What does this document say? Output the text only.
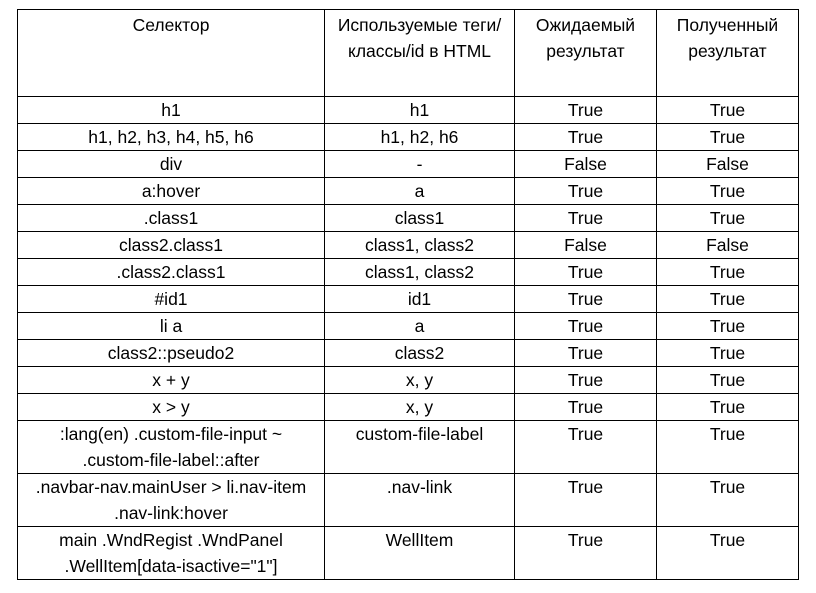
Селектор	Используемые теги/классы/id в HTML	Ожидаемый результат	Полученный результат
h1	h1	True	True
h1, h2, h3, h4, h5, h6	h1, h2, h6	True	True
div	-	False	False
a:hover	a	True	True
.class1	class1	True	True
class2.class1	class1, class2	False	False
.class2.class1	class1, class2	True	True
#id1	id1	True	True
li a	a	True	True
class2::pseudo2	class2	True	True
x + y	x, y	True	True
x > y	x, y	True	True
:lang(en) .custom-file-input ~ .custom-file-label::after	custom-file-label	True	True
.navbar-nav.mainUser > li.nav-item .nav-link:hover	.nav-link	True	True
main .WndRegist .WndPanel .WellItem[data-isactive="1"]	WellItem	True	True
